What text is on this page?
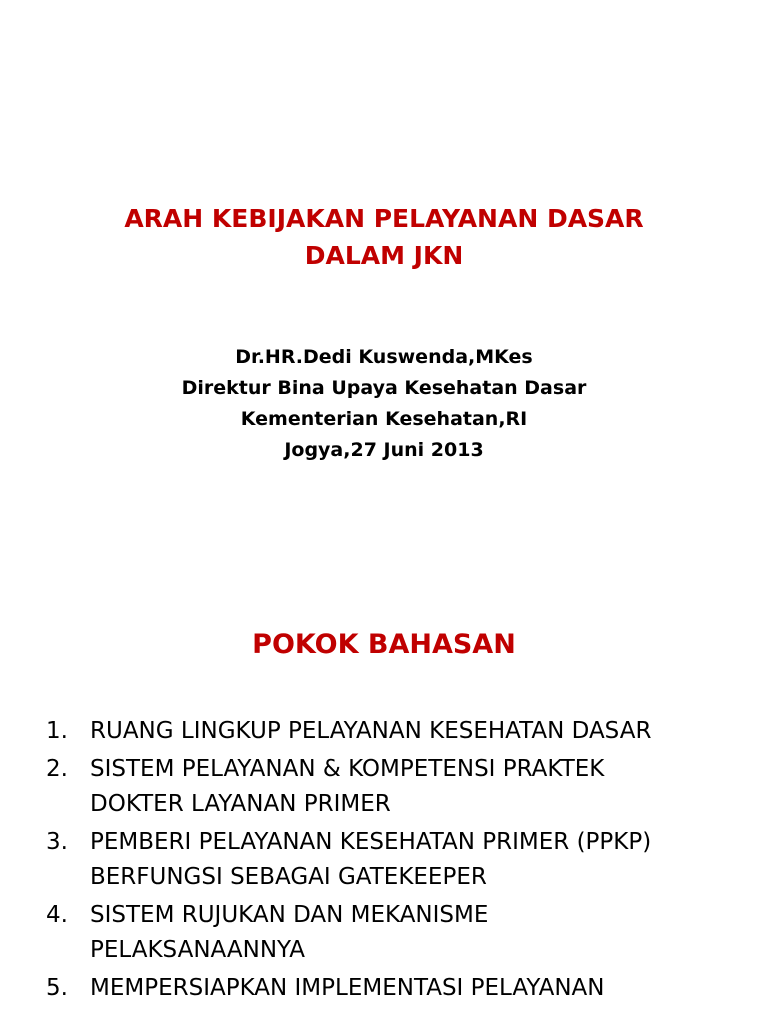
ARAH KEBIJAKAN PELAYANAN DASAR
DALAM JKN
Dr.HR.Dedi Kuswenda,MKes
Direktur Bina Upaya Kesehatan Dasar
Kementerian Kesehatan,RI
Jogya,27 Juni 2013
POKOK BAHASAN
1. RUANG LINGKUP PELAYANAN KESEHATAN DASAR
2. SISTEM PELAYANAN & KOMPETENSI PRAKTEK
DOKTER LAYANAN PRIMER
3. PEMBERI PELAYANAN KESEHATAN PRIMER (PPKP)
BERFUNGSI SEBAGAI GATEKEEPER
4. SISTEM RUJUKAN DAN MEKANISME
PELAKSANAANNYA
5. MEMPERSIAPKAN IMPLEMENTASI PELAYANAN
